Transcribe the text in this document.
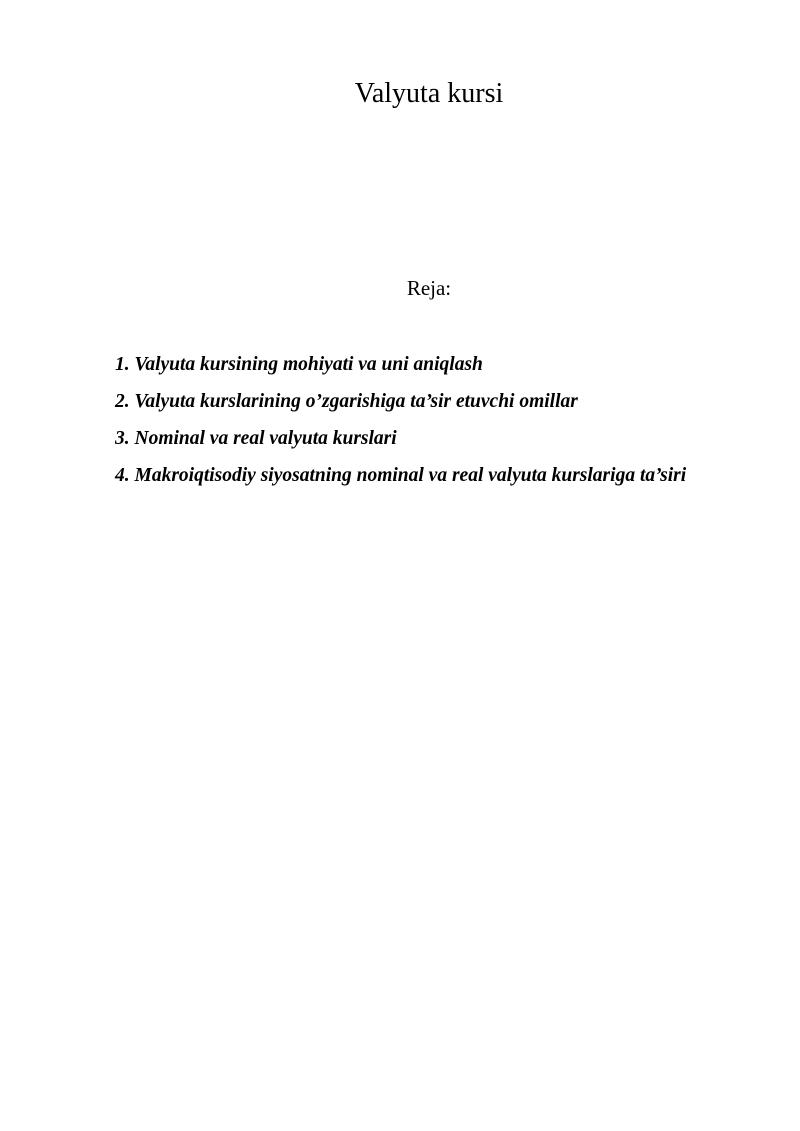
Valyuta kursi

Reja:

1. Valyuta kursining mohiyati va uni aniqlash
2. Valyuta kurslarining o’zgarishiga ta’sir etuvchi omillar
3. Nominal va real valyuta kurslari
4. Makroiqtisodiy siyosatning nominal va real valyuta kurslariga ta’siri
